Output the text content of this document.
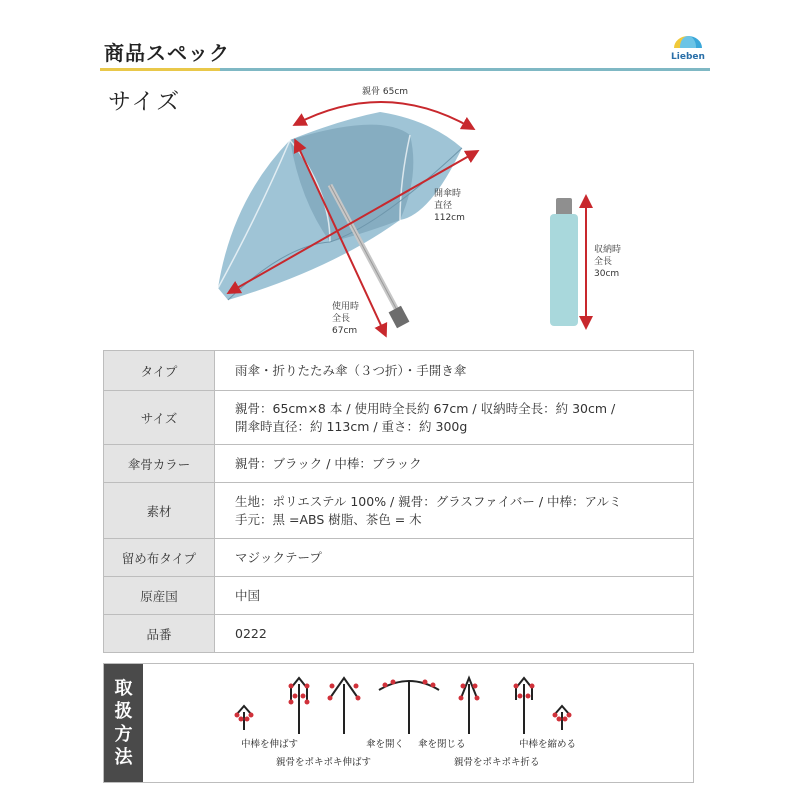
商品スペック	Lieben
サイズ	親骨 65cm
開傘時
直径
112cm
使用時
全長
67cm
収納時
全長
30cm
タイプ	雨傘・折りたたみ傘（３つ折）・手開き傘

サイズ	親骨：65cm×8 本 / 使用時全長約 67cm / 収納時全長：約 30cm /
開傘時直径：約 113cm / 重さ：約 300g

傘骨カラー	親骨：ブラック / 中棒：ブラック

素材	生地：ポリエステル 100% / 親骨：グラスファイバー / 中棒：アルミ
手元：黒 =ABS 樹脂、茶色 = 木

留め布タイプ	マジックテープ

原産国	中国

品番	0222
取
扱
方
法
中棒を伸ばす	傘を開く 傘を閉じる	中棒を縮める
親骨をポキポキ伸ばす	親骨をポキポキ折る
